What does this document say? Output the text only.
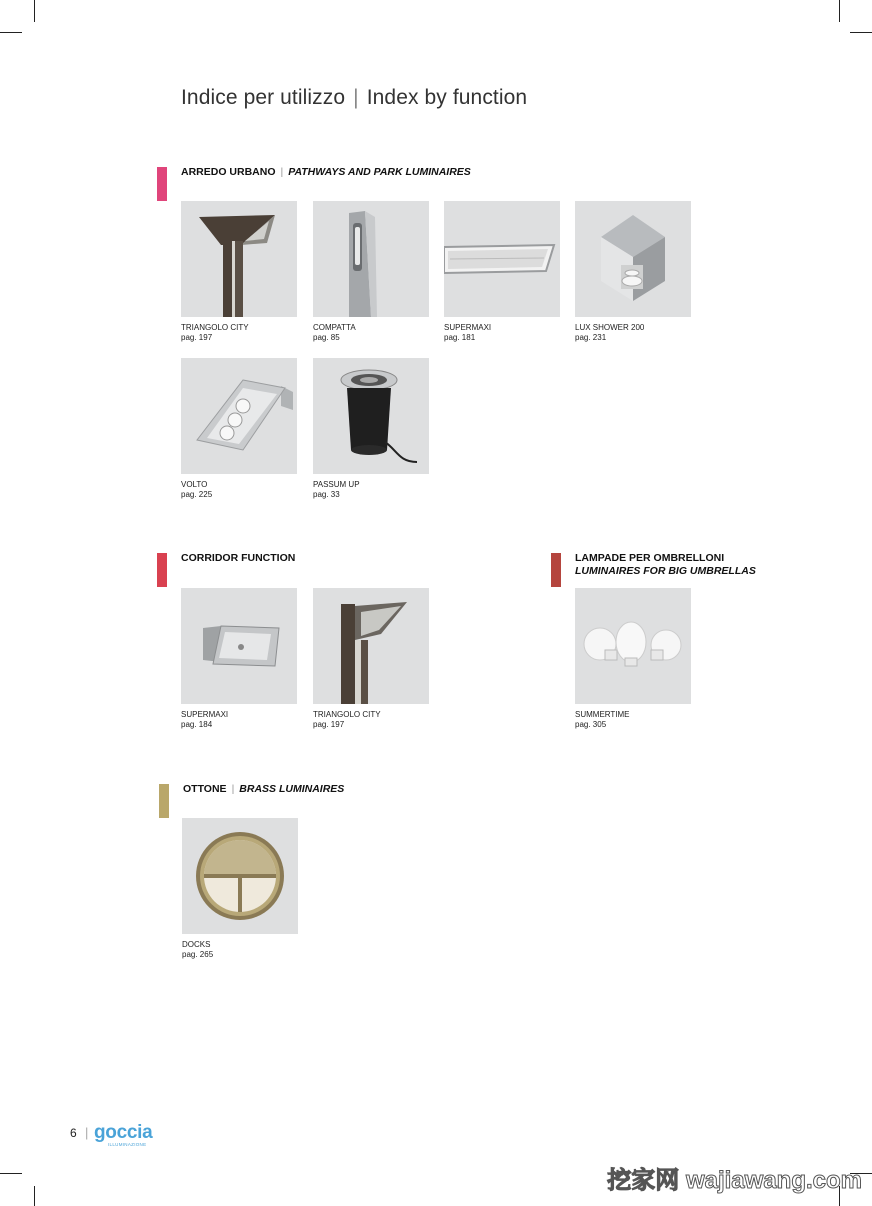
Indice per utilizzo | Index by function
ARREDO URBANO | PATHWAYS AND PARK LUMINAIRES
TRIANGOLO CITY
pag. 197
COMPATTA
pag. 85
SUPERMAXI
pag. 181
LUX SHOWER 200
pag. 231
VOLTO
pag. 225
PASSUM UP
pag. 33
CORRIDOR FUNCTION
SUPERMAXI
pag. 184
TRIANGOLO CITY
pag. 197
LAMPADE PER OMBRELLONI
LUMINAIRES FOR BIG UMBRELLAS
SUMMERTIME
pag. 305
OTTONE | BRASS LUMINAIRES
DOCKS
pag. 265
6 | goccia
ILLUMINAZIONE
挖家网 wajiawang.com
